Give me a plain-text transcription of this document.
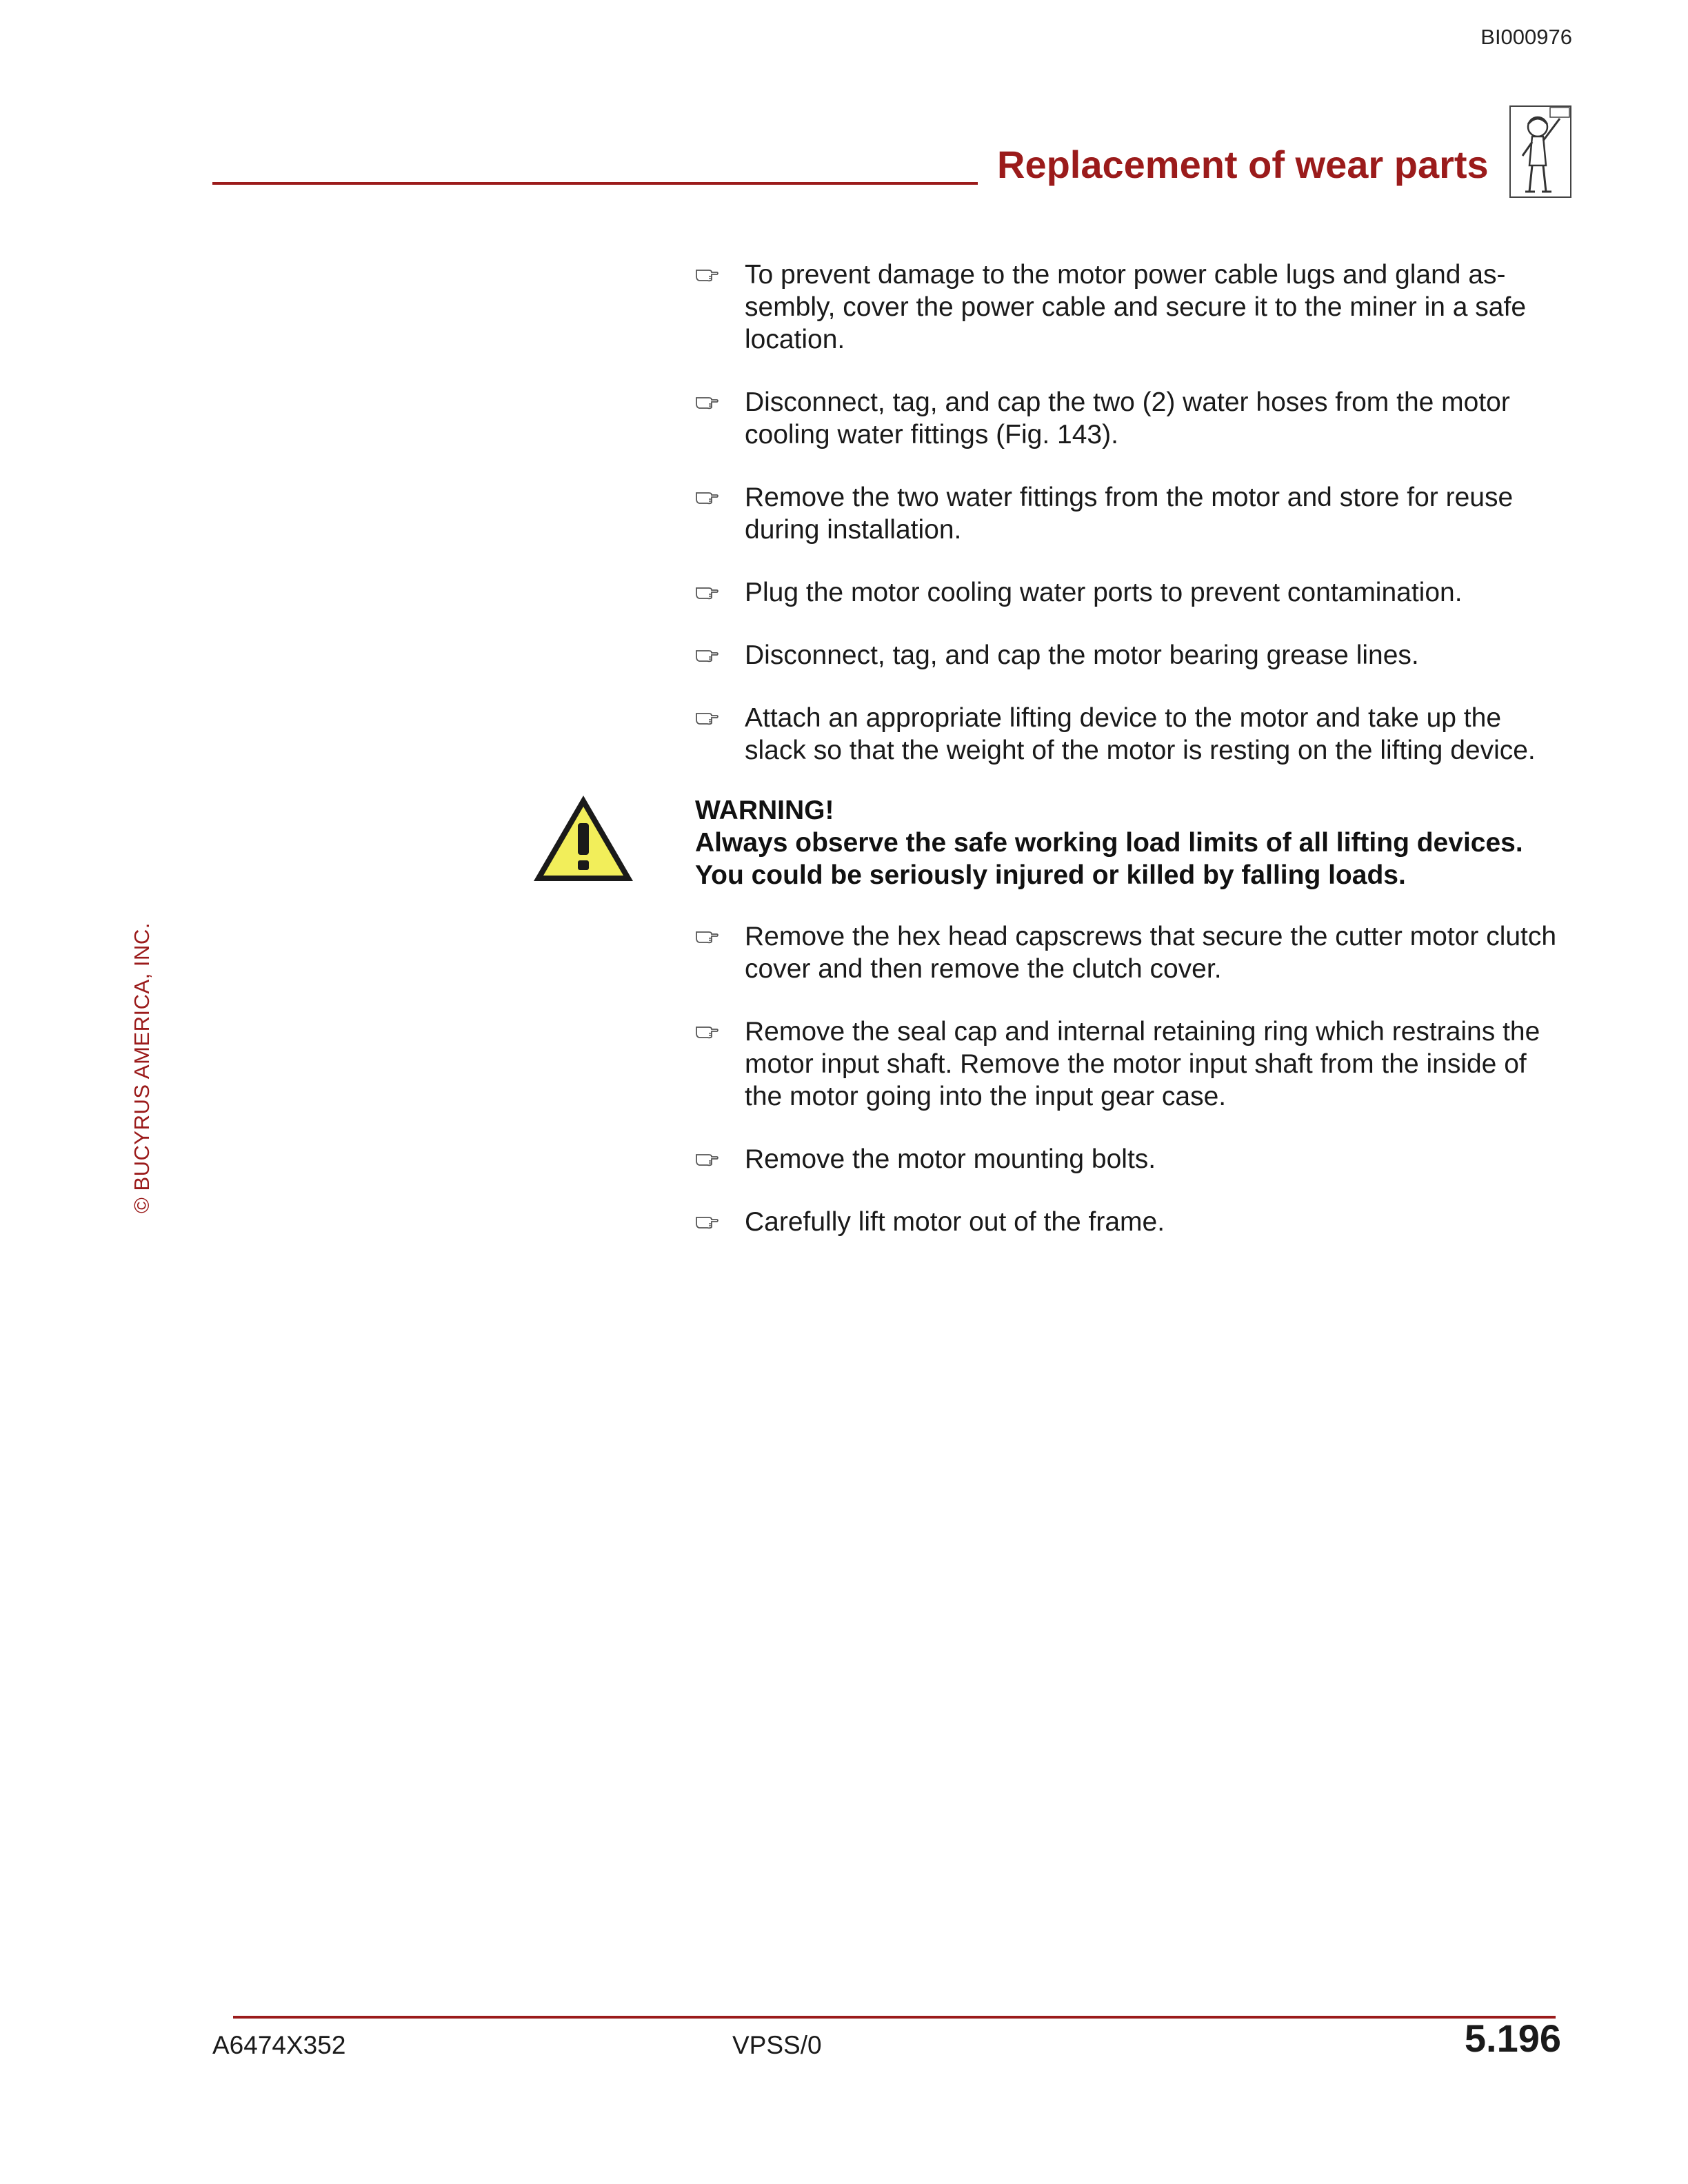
BI000976
Replacement of wear parts
© BUCYRUS AMERICA, INC.
To prevent damage to the motor power cable lugs and gland as-sembly, cover the power cable and secure it to the miner in a safe location.
Disconnect, tag, and cap the two (2) water hoses from the motor cooling water fittings (Fig. 143).
Remove the two water fittings from the motor and store for reuse during installation.
Plug the motor cooling water ports to prevent contamination.
Disconnect, tag, and cap the motor bearing grease lines.
Attach an appropriate lifting device to the motor and take up the slack so that the weight of the motor is resting on the lifting device.
WARNING!
Always observe the safe working load limits of all lifting devices.
You could be seriously injured or killed by falling loads.
Remove the hex head capscrews that secure the cutter motor clutch cover and then remove the clutch cover.
Remove the seal cap and internal retaining ring which restrains the motor input shaft. Remove the motor input shaft from the inside of the motor going into the input gear case.
Remove the motor mounting bolts.
Carefully lift motor out of the frame.
A6474X352	VPSS/0	5.196
